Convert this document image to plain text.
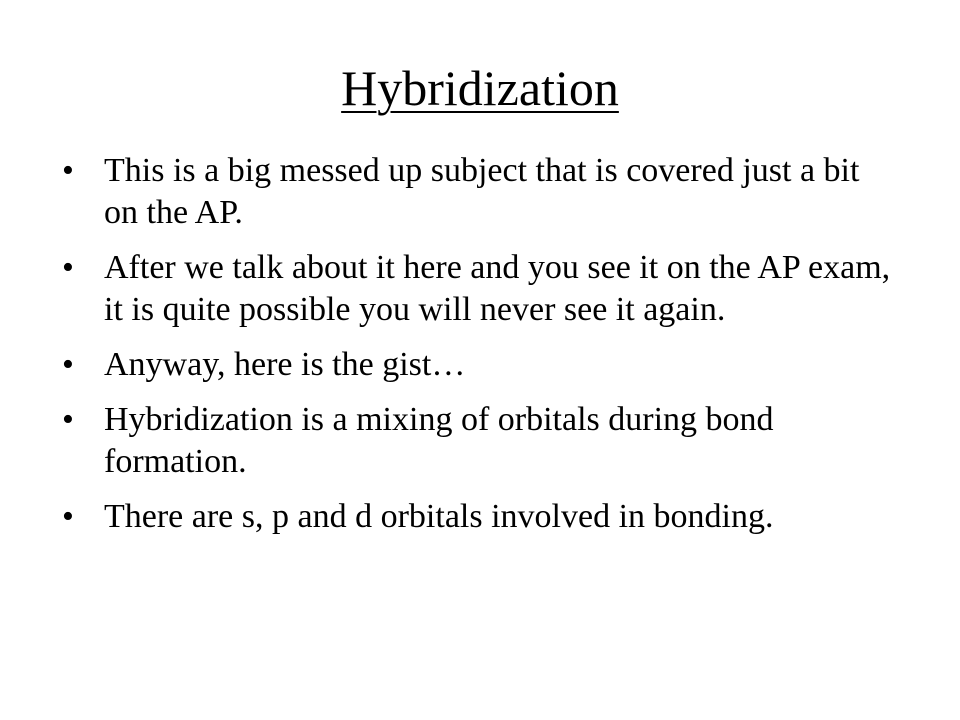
Hybridization
• This is a big messed up subject that is covered just a bit on the AP.
• After we talk about it here and you see it on the AP exam, it is quite possible you will never see it again.
• Anyway, here is the gist…
• Hybridization is a mixing of orbitals during bond formation.
• There are s, p and d orbitals involved in bonding.
